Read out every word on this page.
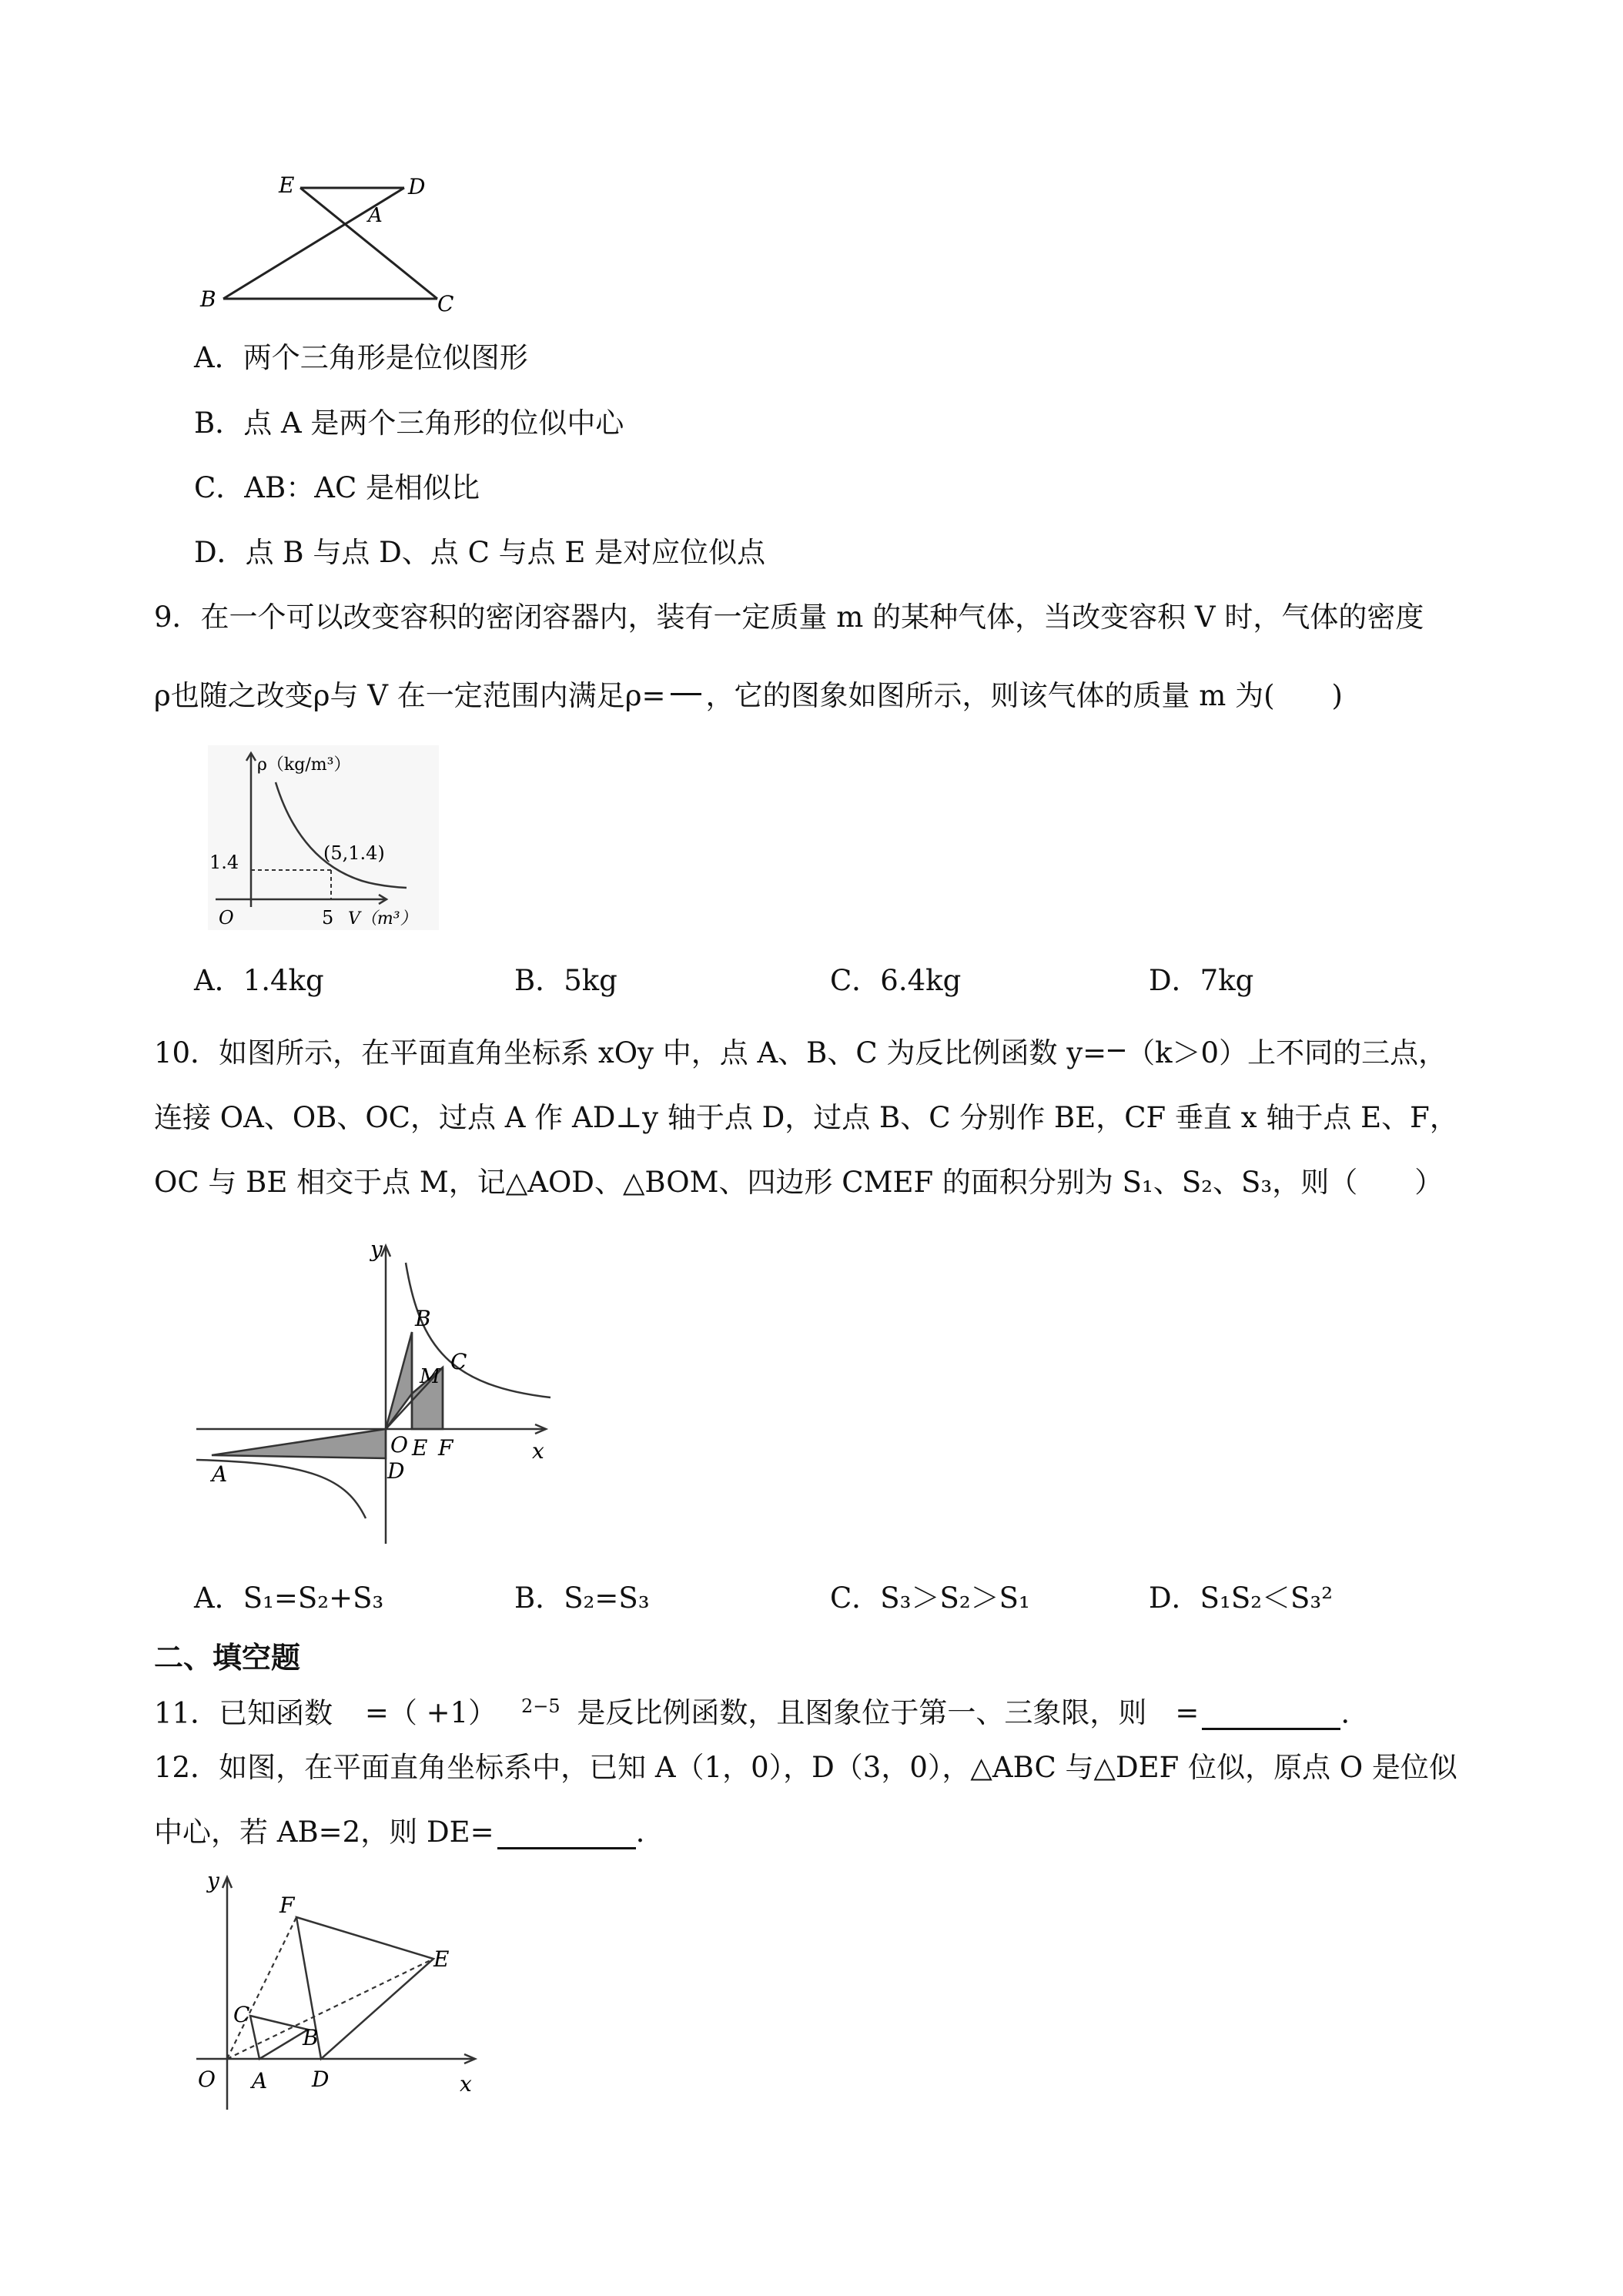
E	D
A
B	C
A．两个三角形是位似图形
B．点 A 是两个三角形的位似中心
C．AB：AC 是相似比
D．点 B 与点 D、点 C 与点 E 是对应位似点
9．在一个可以改变容积的密闭容器内，装有一定质量 m 的某种气体，当改变容积 V 时，气体的密度
ρ也随之改变ρ与 V 在一定范围内满足ρ= ，它的图象如图所示，则该气体的质量 m 为(　　)
ρ（kg/m³）
(5,1.4)
1.4
O	5 V（m³）
A．1.4kg	B．5kg	C．6.4kg	D．7kg
10．如图所示，在平面直角坐标系 xOy 中，点 A、B、C 为反比例函数 y= （k＞0）上不同的三点，
连接 OA、OB、OC，过点 A 作 AD⊥y 轴于点 D，过点 B、C 分别作 BE，CF 垂直 x 轴于点 E、F，
OC 与 BE 相交于点 M，记△AOD、△BOM、四边形 CMEF 的面积分别为 S₁、S₂、S₃，则（　　）
y
B
C
M
O E F	x
D
A
A．S₁=S₂+S₃	B．S₂=S₃	C．S₃＞S₂＞S₁	D．S₁S₂＜S₃²
二、填空题
11．已知函数 =（ +1） $^{2-5}$ 是反比例函数，且图象位于第一、三象限，则　=	.
12．如图，在平面直角坐标系中，已知 A（1，0），D（3，0），△ABC 与△DEF 位似，原点 O 是位似
中心，若 AB=2，则 DE=	.
y
F
E
C
B
O A D	x
